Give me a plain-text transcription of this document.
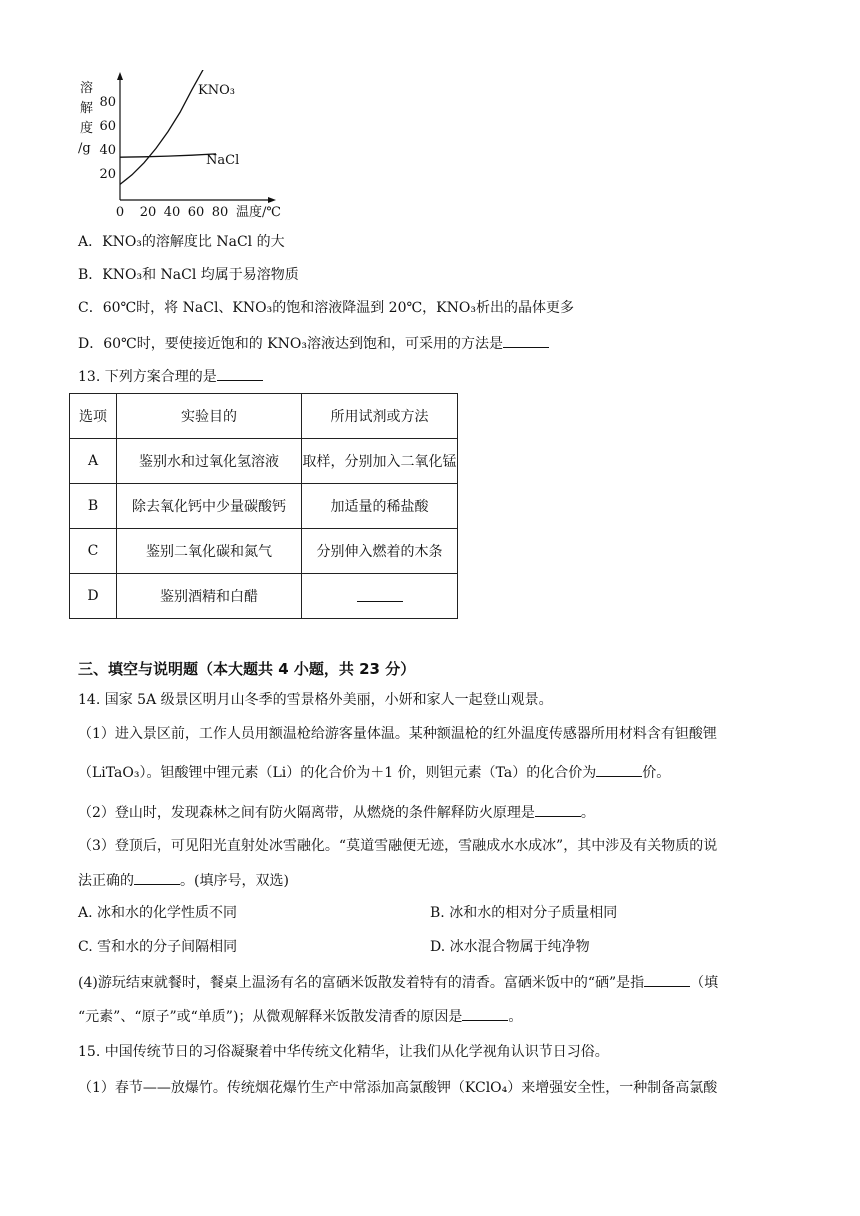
溶
解
度
/g
80
60
40
20
0 20 40 60 80 温度/℃
KNO₃
NaCl
A．KNO₃的溶解度比 NaCl 的大
B．KNO₃和 NaCl 均属于易溶物质
C．60℃时，将 NaCl、KNO₃的饱和溶液降温到 20℃，KNO₃析出的晶体更多
D．60℃时，要使接近饱和的 KNO₃溶液达到饱和，可采用的方法是
13. 下列方案合理的是
选项	实验目的	所用试剂或方法
A	鉴别水和过氧化氢溶液	取样，分别加入二氧化锰
B	除去氧化钙中少量碳酸钙	加适量的稀盐酸
C	鉴别二氧化碳和氮气	分别伸入燃着的木条
D	鉴别酒精和白醋	
三、填空与说明题（本大题共 4 小题，共 23 分）
14. 国家 5A 级景区明月山冬季的雪景格外美丽，小妍和家人一起登山观景。
（1）进入景区前，工作人员用额温枪给游客量体温。某种额温枪的红外温度传感器所用材料含有钽酸锂
（LiTaO₃）。钽酸锂中锂元素（Li）的化合价为＋1 价，则钽元素（Ta）的化合价为	价。
（2）登山时，发现森林之间有防火隔离带，从燃烧的条件解释防火原理是	。
（3）登顶后，可见阳光直射处冰雪融化。“莫道雪融便无迹，雪融成水水成冰”，其中涉及有关物质的说
法正确的	。(填序号，双选)
A. 冰和水的化学性质不同	B. 冰和水的相对分子质量相同
C. 雪和水的分子间隔相同	D. 冰水混合物属于纯净物
(4)游玩结束就餐时，餐桌上温汤有名的富硒米饭散发着特有的清香。富硒米饭中的“硒”是指	（填
“元素”、“原子”或“单质”)；从微观解释米饭散发清香的原因是	。
15. 中国传统节日的习俗凝聚着中华传统文化精华，让我们从化学视角认识节日习俗。
（1）春节——放爆竹。传统烟花爆竹生产中常添加高氯酸钾（KClO₄）来增强安全性，一种制备高氯酸
